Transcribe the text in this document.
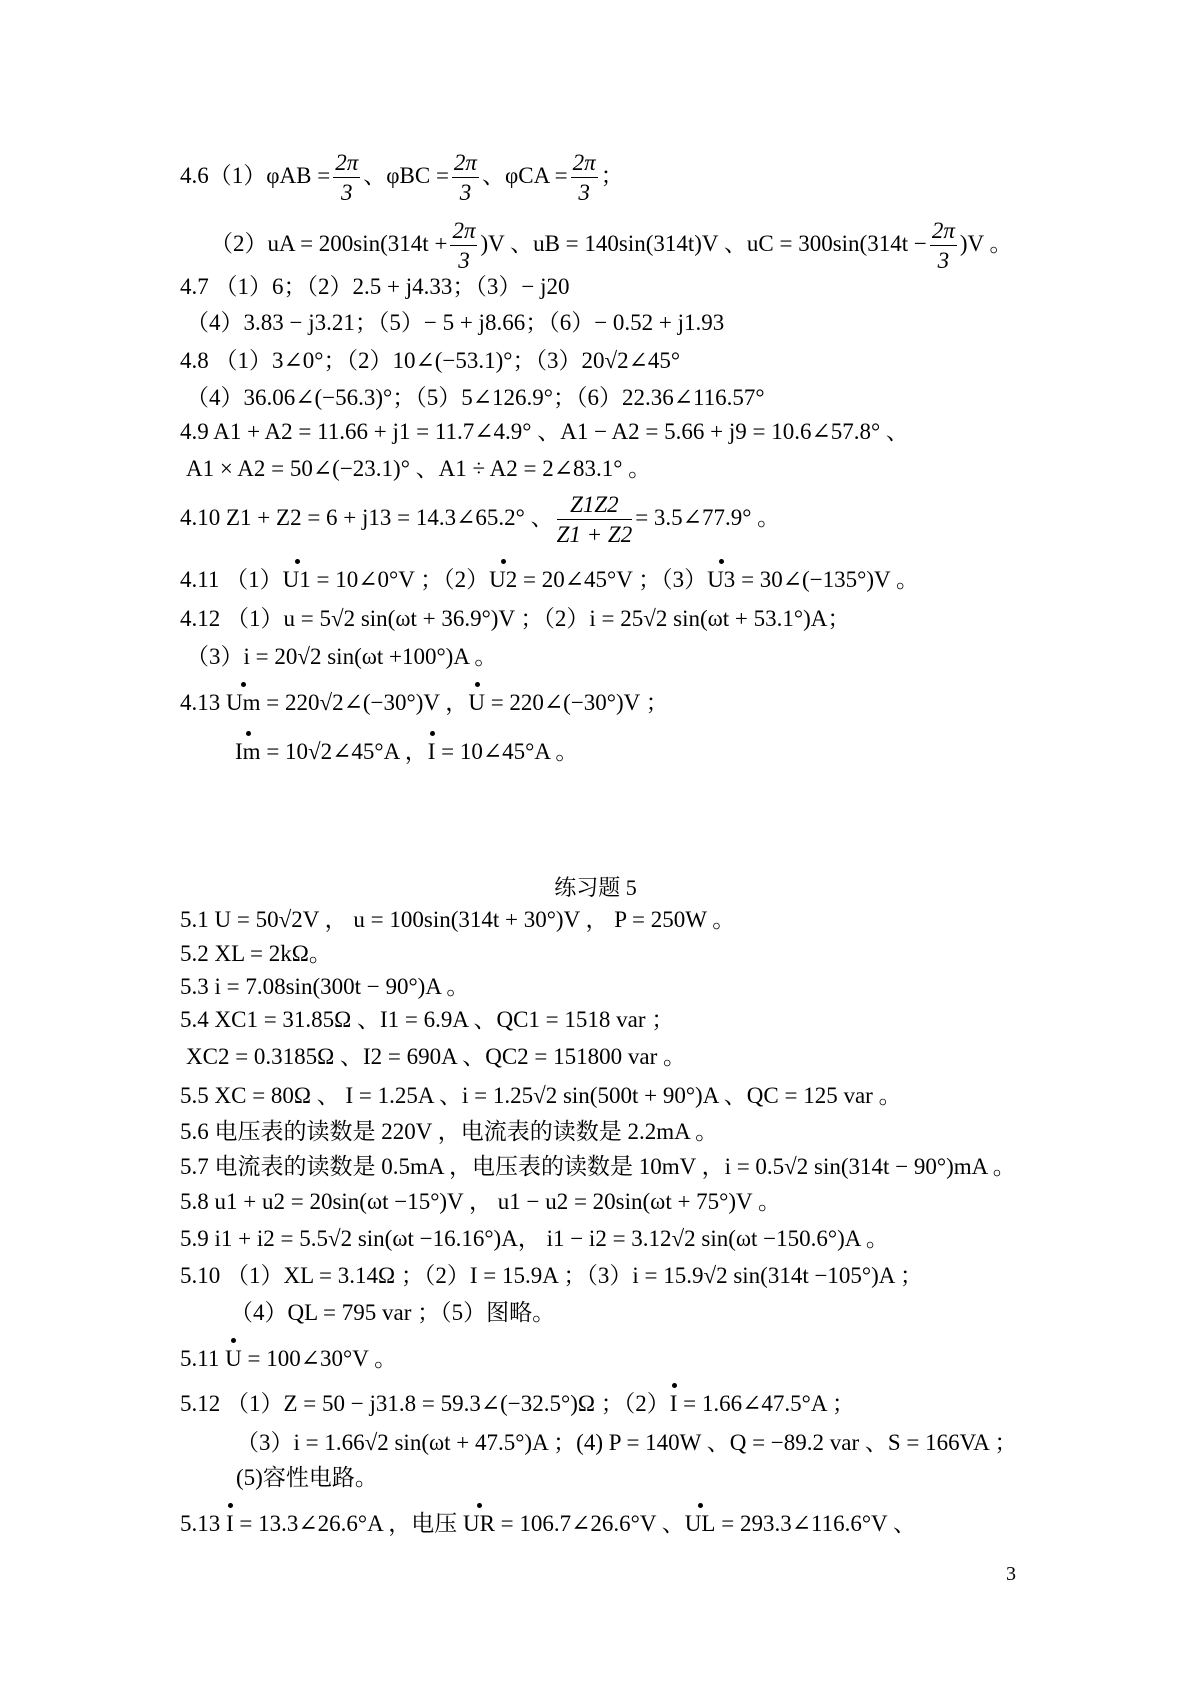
$4.6(1)\varphi AB = \frac{2\pi}{3}$ 、$\varphi BC = \frac{2\pi}{3}$ 、$\varphi CA = \frac{2\pi}{3}$ ；
$(2)uA = 200\sin(314t + \frac{2\pi}{3} )V$ 、uB = 140sin(314t)V 、uC = $300\sin(314t - \frac{2\pi}{3} )V$ 。
4.7 （1）6；（2）2.5 + j4.33；（3）− j20
（4）3.83 − j3.21；（5）− 5 + j8.66；（6）− 0.52 + j1.93
4.8 （1）3∠0°；（2）10∠(−53.1)°；（3）20√2∠45°
（4）36.06∠(−56.3)°；（5）5∠126.9°；（6）22.36∠116.57°
4.9 A1 + A2 = 11.66 + j1 = 11.7∠4.9° 、A1 − A2 = 5.66 + j9 = 10.6∠57.8° 、
A1 × A2 = 50∠(−23.1)° 、A1 ÷ A2 = 2∠83.1° 。
4.10 Z1 + Z2 = 6 + j13 = 14.3∠65.2° 、 $\frac{Z1Z2}{Z1 + Z2}$ = 3.5∠77.9° 。
4.11 （1）U1 = 10∠0°V ；（2）U2 = 20∠45°V ；（3）U3 = 30∠(−135°)V 。
4.12 （1）u = 5√2 sin(ωt + 36.9°)V ；（2）i = 25√2 sin(ωt + 53.1°)A；
（3）i = 20√2 sin(ωt +100°)A 。
4.13 Um = 220√2∠(−30°)V ，U = 220∠(−30°)V ；
Im = 10√2∠45°A ，I = 10∠45°A 。
练习题 5
5.1 U = 50√2V ， u = 100sin(314t + 30°)V ， P = 250W 。
5.2 XL = 2kΩ。
5.3 i = 7.08sin(300t − 90°)A 。
5.4 XC1 = 31.85Ω 、I1 = 6.9A 、QC1 = 1518 var ；
XC2 = 0.3185Ω 、I2 = 690A 、QC2 = 151800 var 。
5.5 XC = 80Ω 、 I = 1.25A 、i = 1.25√2 sin(500t + 90°)A 、QC = 125 var 。
5.6 电压表的读数是 220V ，电流表的读数是 2.2mA 。
5.7 电流表的读数是 0.5mA ，电压表的读数是 10mV ，i = 0.5√2 sin(314t − 90°)mA 。
5.8 u1 + u2 = 20sin(ωt −15°)V ， u1 − u2 = 20sin(ωt + 75°)V 。
5.9 i1 + i2 = 5.5√2 sin(ωt −16.16°)A， i1 − i2 = 3.12√2 sin(ωt −150.6°)A 。
5.10 （1）XL = 3.14Ω ；（2）I = 15.9A ；（3）i = 15.9√2 sin(314t −105°)A ；
（4）QL = 795 var ；（5）图略。
5.11 U = 100∠30°V 。
5.12 （1）Z = 50 − j31.8 = 59.3∠(−32.5°)Ω ；（2）I = 1.66∠47.5°A ；
（3）i = 1.66√2 sin(ωt + 47.5°)A ；(4) P = 140W 、Q = −89.2 var 、S = 166VA ；
(5)容性电路。
5.13 I = 13.3∠26.6°A ，电压 UR = 106.7∠26.6°V 、UL = 293.3∠116.6°V 、
3
